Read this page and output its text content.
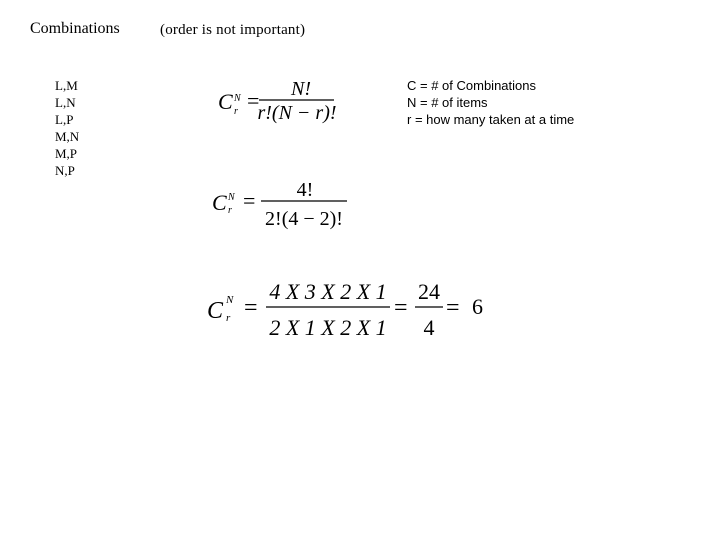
Combinations	(order is not important)
L,M
L,N
L,P
M,N
M,P
N,P
C = # of Combinations
N = # of items
r = how many taken at a time
C N
r = N!
r!(N − r)!
C N
r = 4!
2!(4 − 2)!
C N
r =
4 X 3 X 2 X 1
2 X 1 X 2 X 1
=
24
4
= 6
